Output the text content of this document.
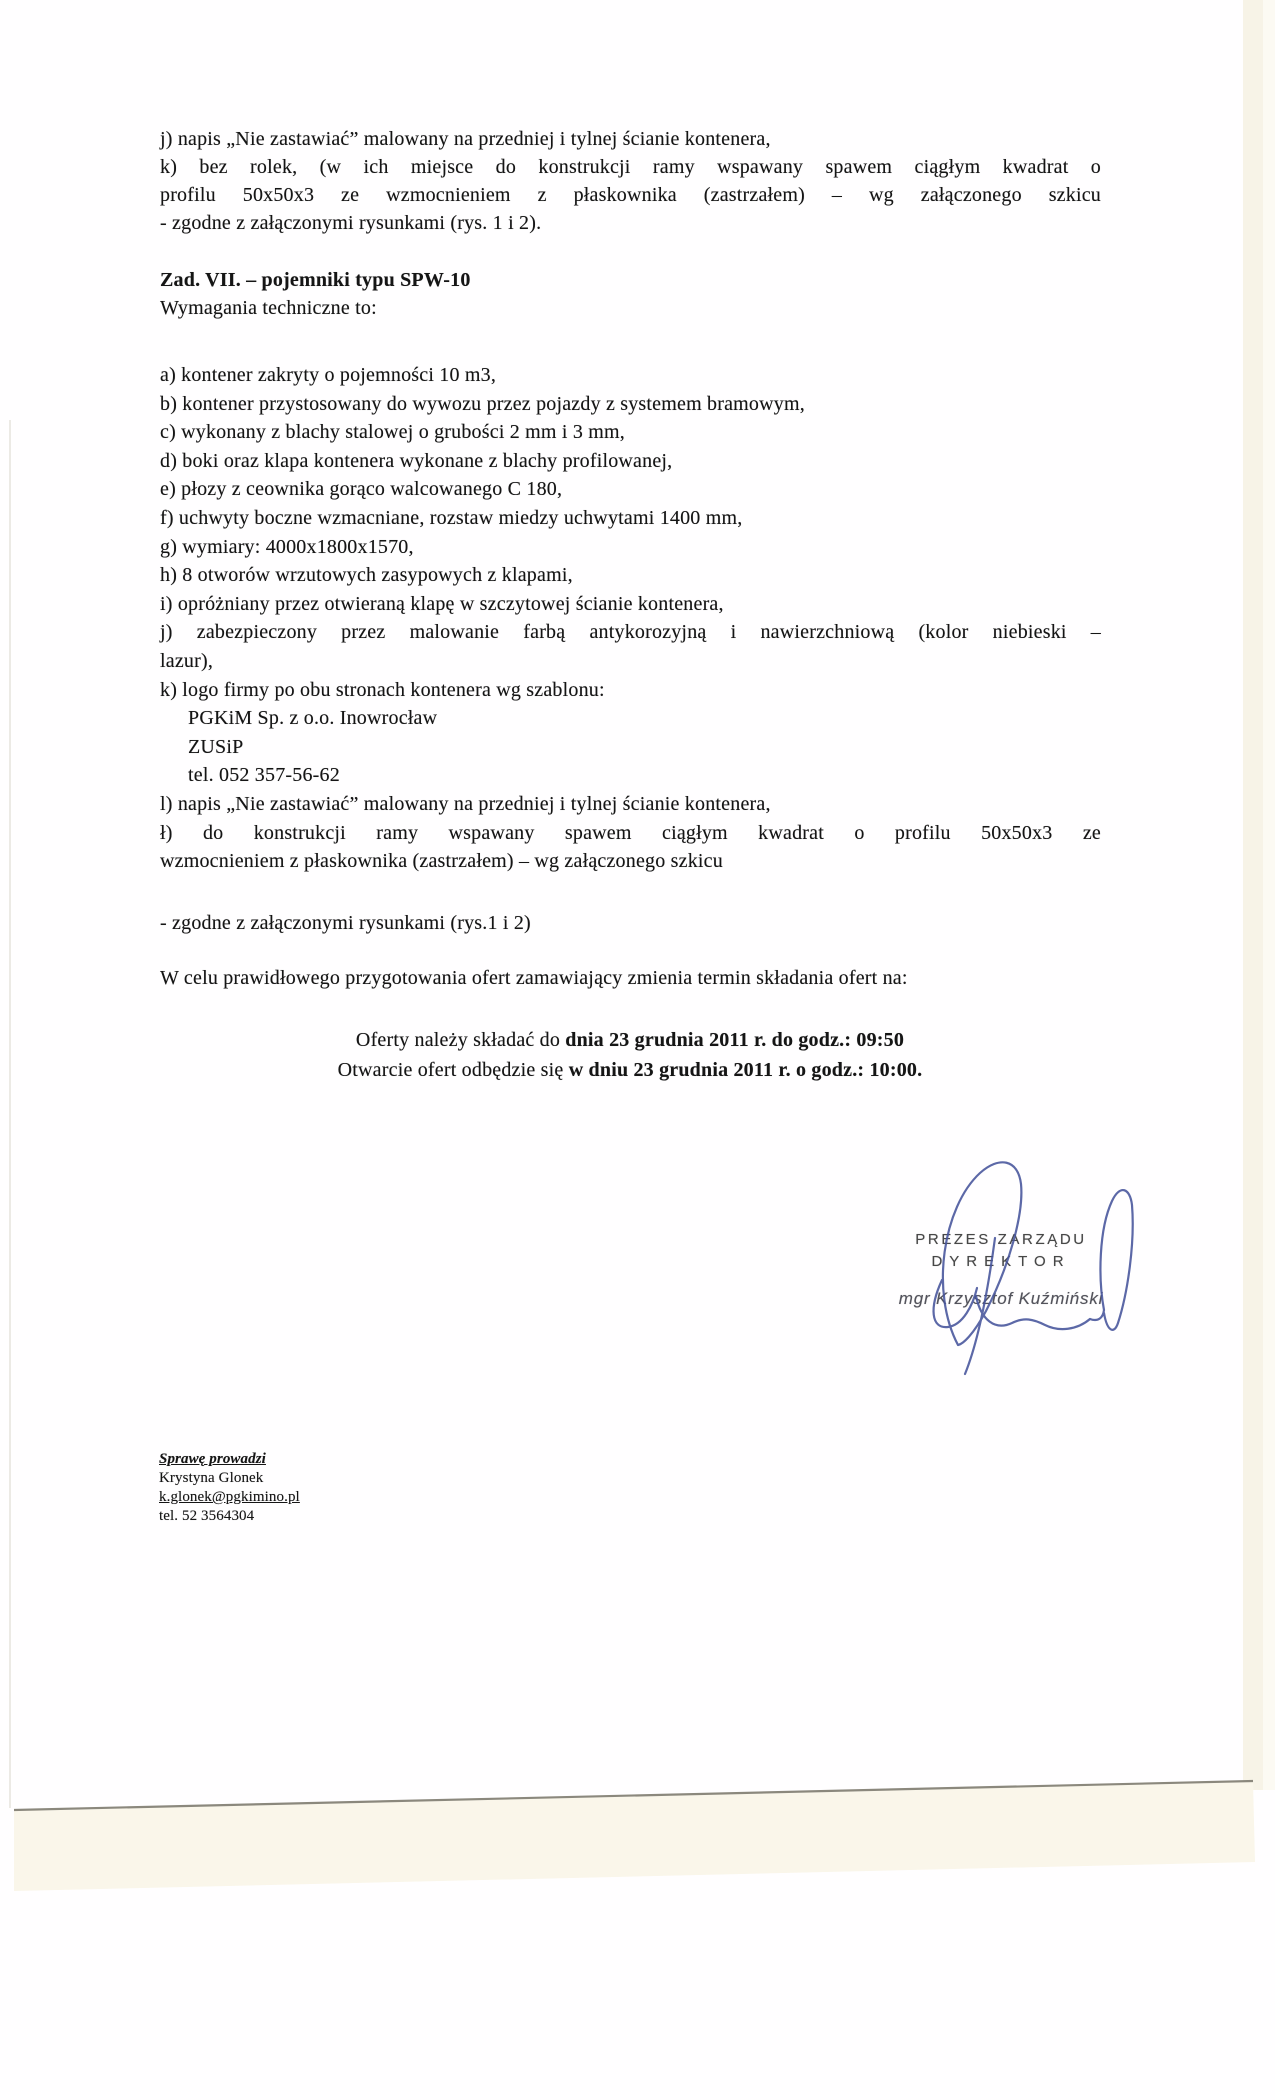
j) napis „Nie zastawiać” malowany na przedniej i tylnej ścianie kontenera,
k) bez rolek, (w ich miejsce do konstrukcji ramy wspawany spawem ciągłym kwadrat o
profilu 50x50x3 ze wzmocnieniem z płaskownika (zastrzałem) – wg załączonego szkicu
- zgodne z załączonymi rysunkami (rys. 1 i 2).
Zad. VII. – pojemniki typu SPW-10
Wymagania techniczne to:
a) kontener zakryty o pojemności 10 m3,
b) kontener przystosowany do wywozu przez pojazdy z systemem bramowym,
c) wykonany z blachy stalowej o grubości 2 mm i 3 mm,
d) boki oraz klapa kontenera wykonane z blachy profilowanej,
e) płozy z ceownika gorąco walcowanego C 180,
f) uchwyty boczne wzmacniane, rozstaw miedzy uchwytami 1400 mm,
g) wymiary: 4000x1800x1570,
h) 8 otworów wrzutowych zasypowych z klapami,
i) opróżniany przez otwieraną klapę w szczytowej ścianie kontenera,
j) zabezpieczony przez malowanie farbą antykorozyjną i nawierzchniową (kolor niebieski –
lazur),
k) logo firmy po obu stronach kontenera wg szablonu:
PGKiM Sp. z o.o. Inowrocław
ZUSiP
tel. 052 357-56-62
l) napis „Nie zastawiać” malowany na przedniej i tylnej ścianie kontenera,
ł) do konstrukcji ramy wspawany spawem ciągłym kwadrat o profilu 50x50x3 ze
wzmocnieniem z płaskownika (zastrzałem) – wg załączonego szkicu
- zgodne z załączonymi rysunkami (rys.1 i 2)
W celu prawidłowego przygotowania ofert zamawiający zmienia termin składania ofert na:
Oferty należy składać do dnia 23 grudnia 2011 r. do godz.: 09:50
Otwarcie ofert odbędzie się w dniu 23 grudnia 2011 r. o godz.: 10:00.
PREZES ZARZĄDU
DYREKTOR
mgr Krzysztof Kuźmiński
Sprawę prowadzi
Krystyna Glonek
k.glonek@pgkimino.pl
tel. 52 3564304
